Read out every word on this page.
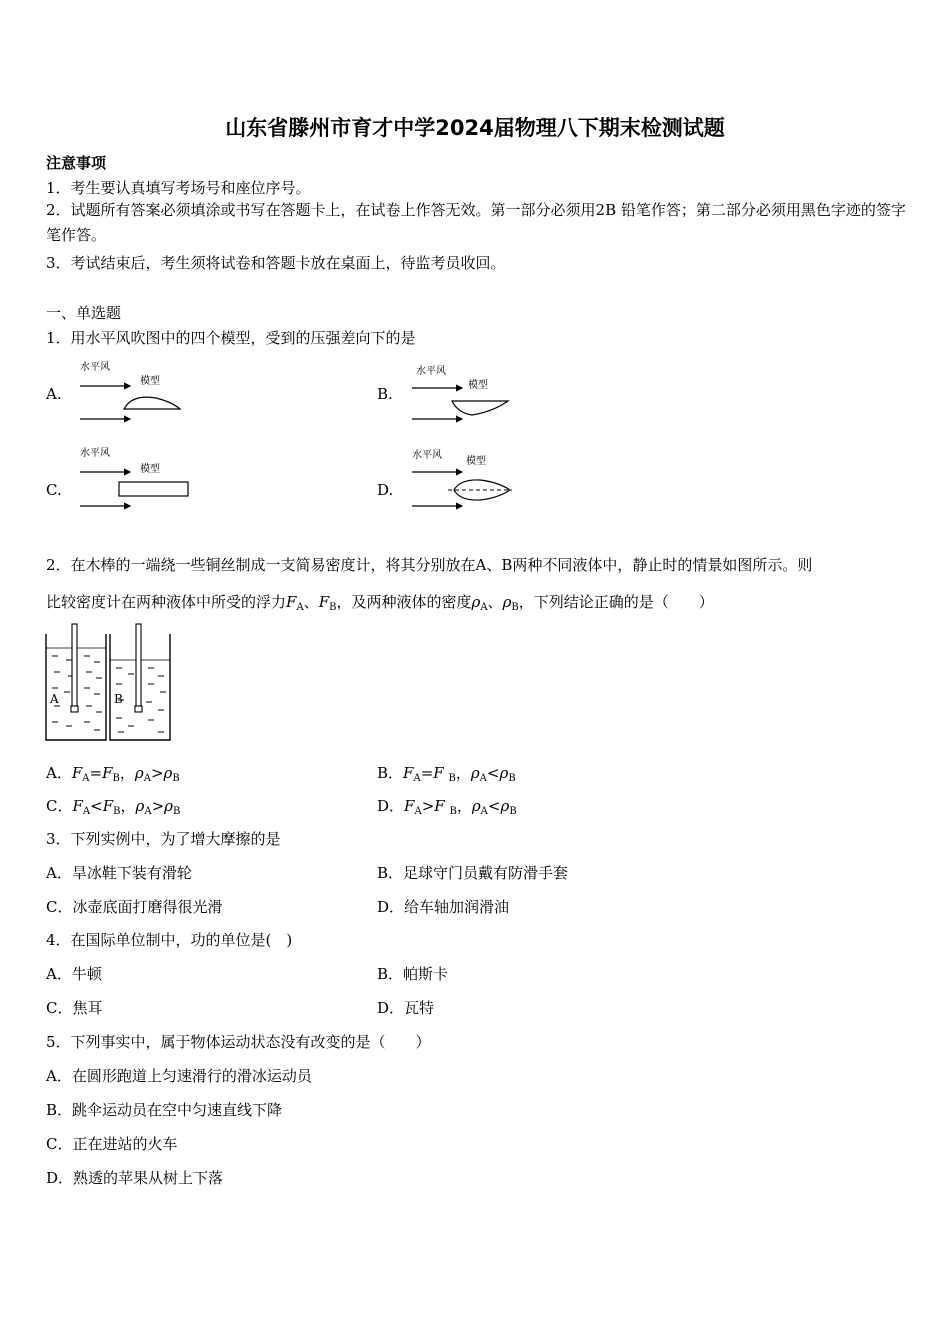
山东省滕州市育才中学2024届物理八下期末检测试题
注意事项
1．考生要认真填写考场号和座位序号。
2．试题所有答案必须填涂或书写在答题卡上，在试卷上作答无效。第一部分必须用2B 铅笔作答；第二部分必须用黑色字迹的签字笔作答。
3．考试结束后，考生须将试卷和答题卡放在桌面上，待监考员收回。
一、单选题
1．用水平风吹图中的四个模型，受到的压强差向下的是
A.	B.
C.	D.
水平风
模型
水平风
模型
水平风
模型
水平风
模型
2．在木棒的一端绕一些铜丝制成一支简易密度计，将其分别放在A、B两种不同液体中，静止时的情景如图所示。则
比较密度计在两种液体中所受的浮力$F_A$、$F_B$，及两种液体的密度$\rho_A$、$\rho_B$，下列结论正确的是（　　）
A	B
A．$F_A=F_B$，$\rho_A>\rho_B$	B．$F_A=F$ $_B$，$\rho_A<\rho_B$
C．$F_A<F_B$，$\rho_A>\rho_B$	D．$F_A>F$ $_B$，$\rho_A<\rho_B$
3．下列实例中，为了增大摩擦的是
A．旱冰鞋下装有滑轮	B．足球守门员戴有防滑手套
C．冰壶底面打磨得很光滑	D．给车轴加润滑油
4．在国际单位制中，功的单位是(　)
A．牛顿	B．帕斯卡
C．焦耳	D．瓦特
5．下列事实中，属于物体运动状态没有改变的是（　　）
A．在圆形跑道上匀速滑行的滑冰运动员
B．跳伞运动员在空中匀速直线下降
C．正在进站的火车
D．熟透的苹果从树上下落
